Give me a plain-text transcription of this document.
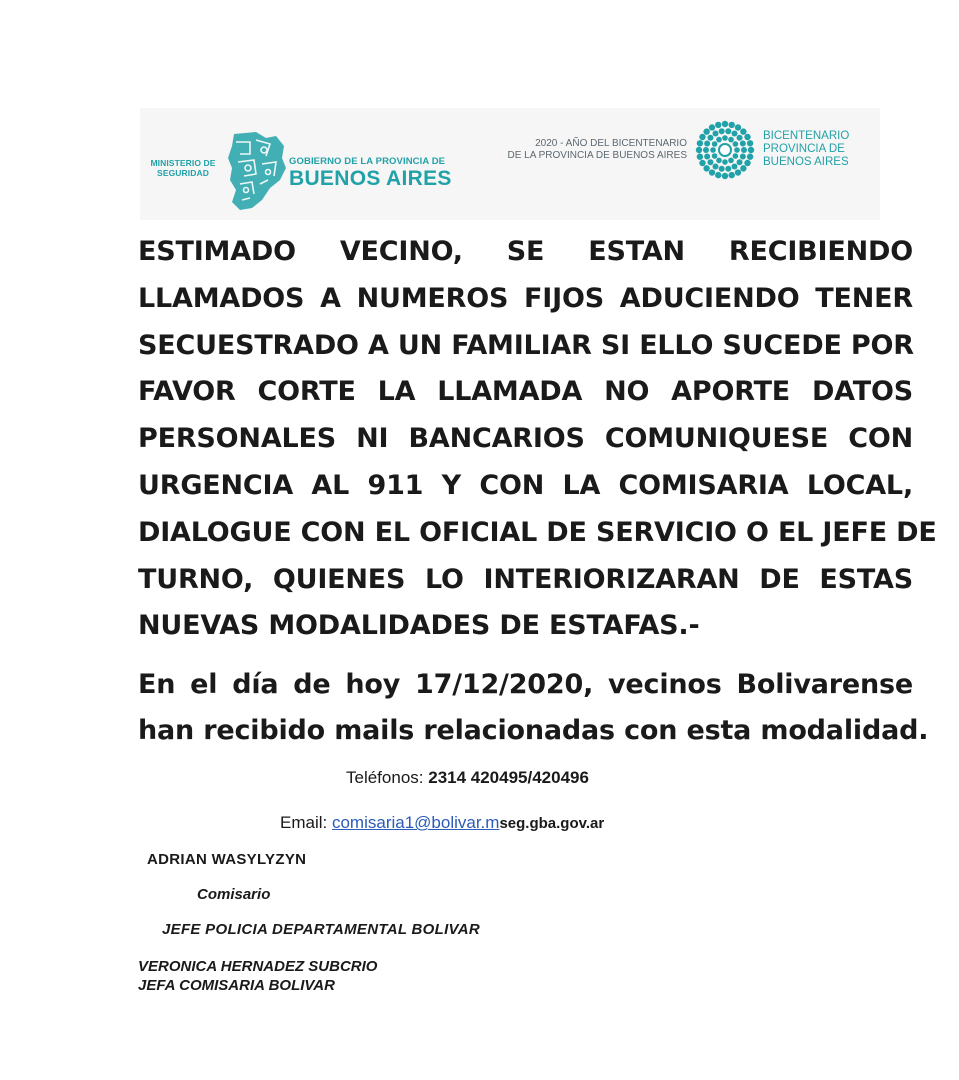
MINISTERIO DE
SEGURIDAD
GOBIERNO DE LA PROVINCIA DE
BUENOS AIRES
2020 - AÑO DEL BICENTENARIO
DE LA PROVINCIA DE BUENOS AIRES
BICENTENARIO
PROVINCIA DE
BUENOS AIRES
ESTIMADO VECINO, SE ESTAN RECIBIENDO
LLAMADOS A NUMEROS FIJOS ADUCIENDO TENER
SECUESTRADO A UN FAMILIAR SI ELLO SUCEDE POR
FAVOR CORTE LA LLAMADA NO APORTE DATOS
PERSONALES NI BANCARIOS COMUNIQUESE CON
URGENCIA AL 911 Y CON LA COMISARIA LOCAL,
DIALOGUE CON EL OFICIAL DE SERVICIO O EL JEFE DE
TURNO, QUIENES LO INTERIORIZARAN DE ESTAS
NUEVAS MODALIDADES DE ESTAFAS.-
En el día de hoy 17/12/2020, vecinos Bolivarense
han recibido mails relacionadas con esta modalidad.
Teléfonos: 2314 420495/420496
Email: comisaria1@bolivar.mseg.gba.gov.ar
ADRIAN WASYLYZYN
Comisario
JEFE POLICIA DEPARTAMENTAL BOLIVAR
VERONICA HERNADEZ SUBCRIO
JEFA COMISARIA BOLIVAR
